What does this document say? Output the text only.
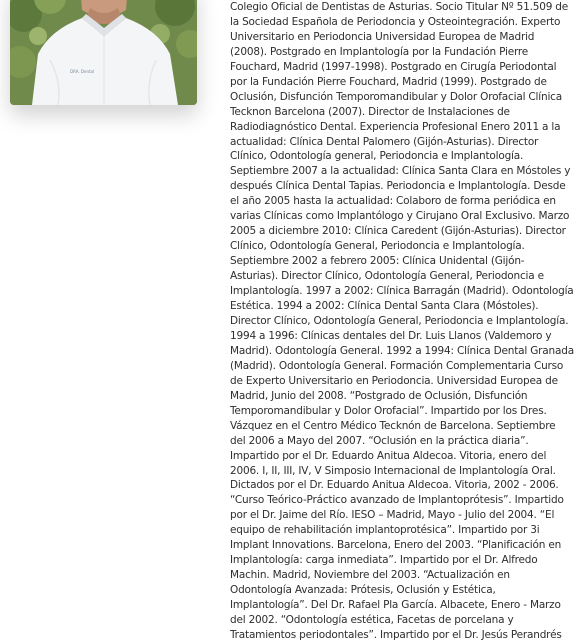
DRA. Dental
Colegio Oficial de Dentistas de Asturias. Socio Titular Nº 51.509 de
la Sociedad Española de Periodoncia y Osteointegración. Experto
Universitario en Periodoncia Universidad Europea de Madrid
(2008). Postgrado en Implantología por la Fundación Pierre
Fouchard, Madrid (1997-1998). Postgrado en Cirugía Periodontal
por la Fundación Pierre Fouchard, Madrid (1999). Postgrado de
Oclusión, Disfunción Temporomandibular y Dolor Orofacial Clínica
Tecknon Barcelona (2007). Director de Instalaciones de
Radiodiagnóstico Dental. Experiencia Profesional Enero 2011 a la
actualidad: Clínica Dental Palomero (Gijón-Asturias). Director
Clínico, Odontología general, Periodoncia e Implantología.
Septiembre 2007 a la actualidad: Clínica Santa Clara en Móstoles y
después Clínica Dental Tapias. Periodoncia e Implantología. Desde
el año 2005 hasta la actualidad: Colaboro de forma periódica en
varias Clínicas como Implantólogo y Cirujano Oral Exclusivo. Marzo
2005 a diciembre 2010: Clínica Caredent (Gijón-Asturias). Director
Clínico, Odontología General, Periodoncia e Implantología.
Septiembre 2002 a febrero 2005: Clínica Unidental (Gijón-
Asturias). Director Clínico, Odontología General, Periodoncia e
Implantología. 1997 a 2002: Clínica Barragán (Madrid). Odontología
Estética. 1994 a 2002: Clínica Dental Santa Clara (Móstoles).
Director Clínico, Odontología General, Periodoncia e Implantología.
1994 a 1996: Clínicas dentales del Dr. Luis Llanos (Valdemoro y
Madrid). Odontología General. 1992 a 1994: Clínica Dental Granada
(Madrid). Odontología General. Formación Complementaria Curso
de Experto Universitario en Periodoncia. Universidad Europea de
Madrid, Junio del 2008. “Postgrado de Oclusión, Disfunción
Temporomandibular y Dolor Orofacial”. Impartido por los Dres.
Vázquez en el Centro Médico Tecknón de Barcelona. Septiembre
del 2006 a Mayo del 2007. “Oclusión en la práctica diaria”.
Impartido por el Dr. Eduardo Anitua Aldecoa. Vitoria, enero del
2006. I, II, III, IV, V Simposio Internacional de Implantología Oral.
Dictados por el Dr. Eduardo Anitua Aldecoa. Vitoria, 2002 - 2006.
“Curso Teórico-Práctico avanzado de Implantoprótesis”. Impartido
por el Dr. Jaime del Río. IESO – Madrid, Mayo - Julio del 2004. “El
equipo de rehabilitación implantoprotésica”. Impartido por 3i
Implant Innovations. Barcelona, Enero del 2003. “Planificación en
Implantología: carga inmediata”. Impartido por el Dr. Alfredo
Machin. Madrid, Noviembre del 2003. “Actualización en
Odontología Avanzada: Prótesis, Oclusión y Estética,
Implantología”. Del Dr. Rafael Pla García. Albacete, Enero - Marzo
del 2002. “Odontología estética, Facetas de porcelana y
Tratamientos periodontales”. Impartido por el Dr. Jesús Perandrés
